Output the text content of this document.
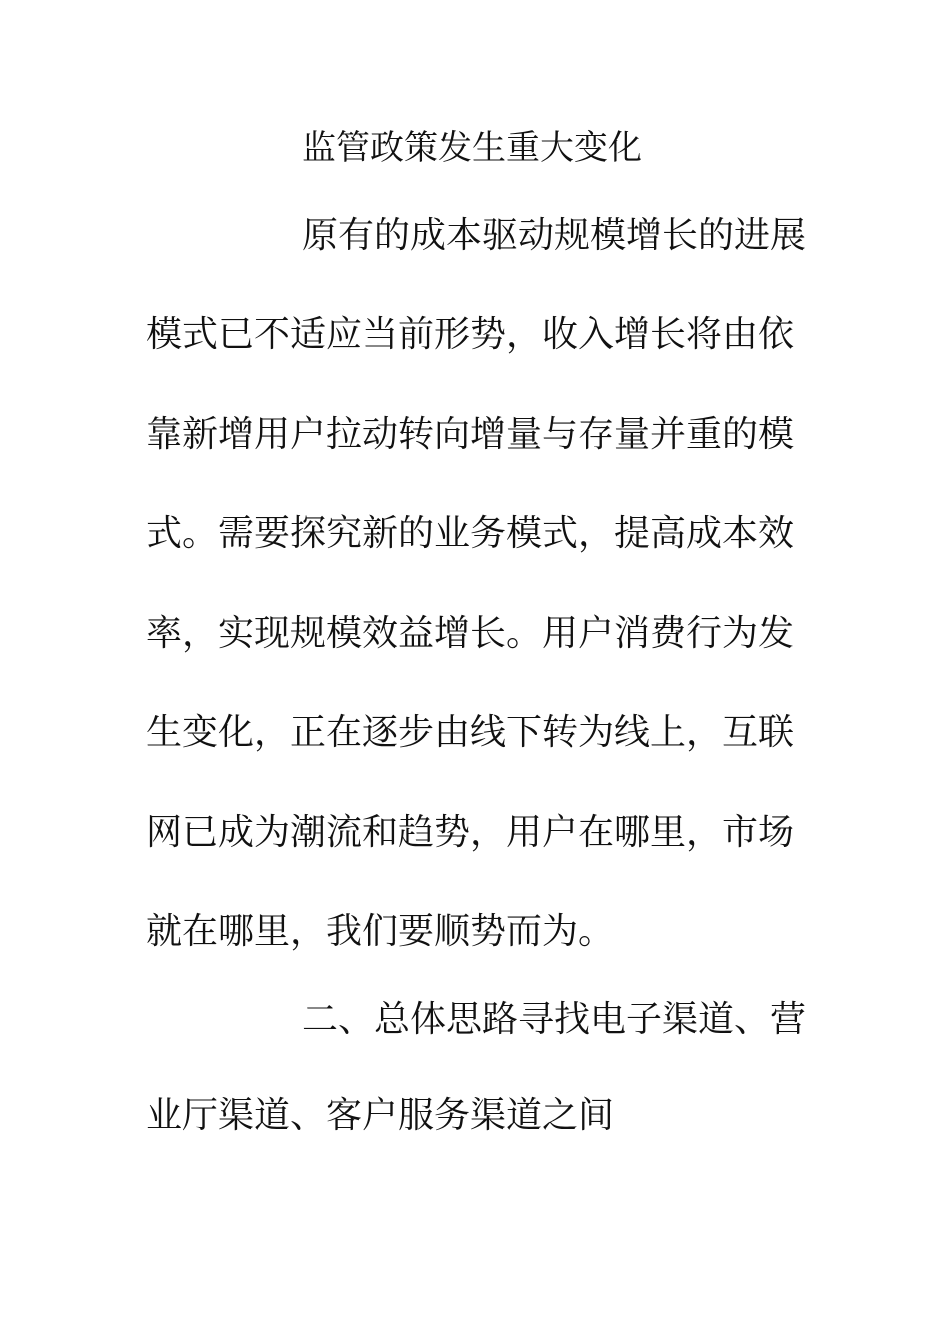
监管政策发生重大变化
原有的成本驱动规模增长的进展
模式已不适应当前形势，收入增长将由依
靠新增用户拉动转向增量与存量并重的模
式。需要探究新的业务模式，提高成本效
率，实现规模效益增长。用户消费行为发
生变化，正在逐步由线下转为线上，互联
网已成为潮流和趋势，用户在哪里，市场
就在哪里，我们要顺势而为。
二、总体思路寻找电子渠道、营
业厅渠道、客户服务渠道之间
